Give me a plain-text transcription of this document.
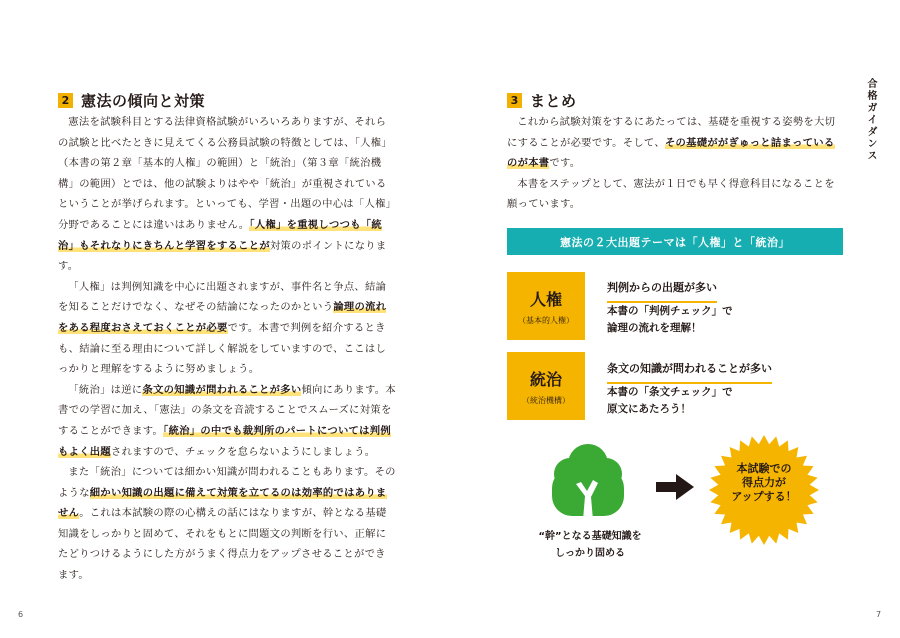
2 憲法の傾向と対策

憲法を試験科目とする法律資格試験がいろいろありますが、それらの試験と比べたときに見えてくる公務員試験の特徴としては、「人権」（本書の第２章「基本的人権」の範囲）と「統治」（第３章「統治機構」の範囲）とでは、他の試験よりはやや「統治」が重視されているということが挙げられます。といっても、学習・出題の中心は「人権」分野であることには違いはありません。「人権」を重視しつつも「統治」もそれなりにきちんと学習をすることが対策のポイントになります。

「人権」は判例知識を中心に出題されますが、事件名と争点、結論を知ることだけでなく、なぜその結論になったのかという論理の流れをある程度おさえておくことが必要です。本書で判例を紹介するときも、結論に至る理由について詳しく解説をしていますので、ここはしっかりと理解をするように努めましょう。

「統治」は逆に条文の知識が問われることが多い傾向にあります。本書での学習に加え、「憲法」の条文を音読することでスムーズに対策をすることができます。「統治」の中でも裁判所のパートについては判例もよく出題されますので、チェックを怠らないようにしましょう。

また「統治」については細かい知識が問われることもあります。そのような細かい知識の出題に備えて対策を立てるのは効率的ではありません。これは本試験の際の心構えの話にはなりますが、幹となる基礎知識をしっかりと固めて、それをもとに問題文の判断を行い、正解にたどりつけるようにした方がうまく得点力をアップさせることができます。

6
3 まとめ

これから試験対策をするにあたっては、基礎を重視する姿勢を大切にすることが必要です。そして、その基礎ががぎゅっと詰まっているのが本書です。

本書をステップとして、憲法が１日でも早く得意科目になることを願っています。

合格ガイダンス
憲法の２大出題テーマは「人権」と「統治」
人権
（基本的人権）
判例からの出題が多い
本書の「判例チェック」で
論理の流れを理解！
統治
（統治機構）
条文の知識が問われることが多い
本書の「条文チェック」で
原文にあたろう！
本試験での
得点力が
アップする！
“幹”となる基礎知識を
しっかり固める
7
